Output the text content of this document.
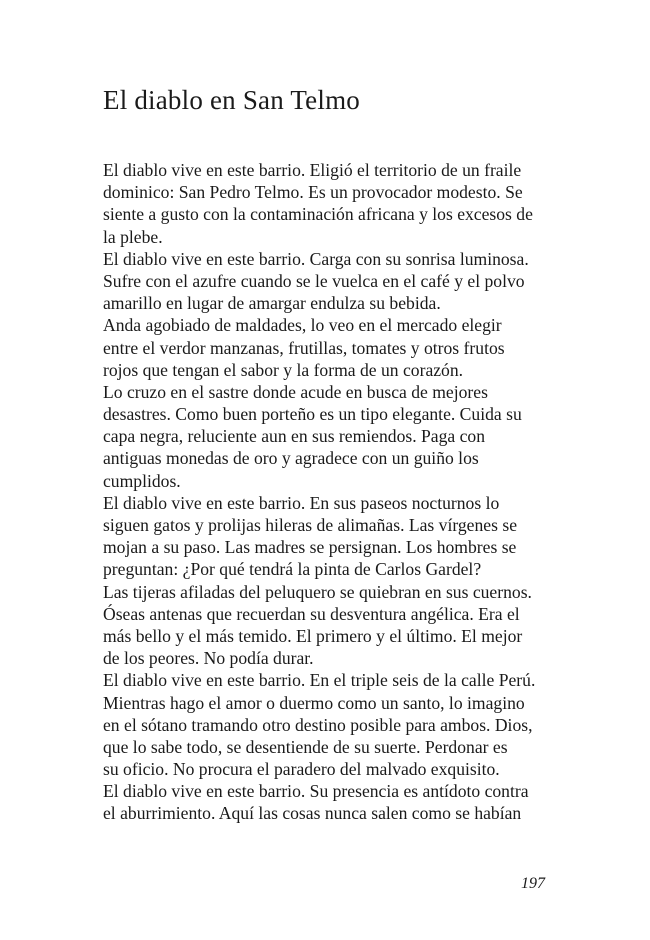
El diablo en San Telmo
El diablo vive en este barrio. Eligió el territorio de un fraile
dominico: San Pedro Telmo. Es un provocador modesto. Se
siente a gusto con la contaminación africana y los excesos de
la plebe.
El diablo vive en este barrio. Carga con su sonrisa luminosa.
Sufre con el azufre cuando se le vuelca en el café y el polvo
amarillo en lugar de amargar endulza su bebida.
Anda agobiado de maldades, lo veo en el mercado elegir
entre el verdor manzanas, frutillas, tomates y otros frutos
rojos que tengan el sabor y la forma de un corazón.
Lo cruzo en el sastre donde acude en busca de mejores
desastres. Como buen porteño es un tipo elegante. Cuida su
capa negra, reluciente aun en sus remiendos. Paga con
antiguas monedas de oro y agradece con un guiño los
cumplidos.
El diablo vive en este barrio. En sus paseos nocturnos lo
siguen gatos y prolijas hileras de alimañas. Las vírgenes se
mojan a su paso. Las madres se persignan. Los hombres se
preguntan: ¿Por qué tendrá la pinta de Carlos Gardel?
Las tijeras afiladas del peluquero se quiebran en sus cuernos.
Óseas antenas que recuerdan su desventura angélica. Era el
más bello y el más temido. El primero y el último. El mejor
de los peores. No podía durar.
El diablo vive en este barrio. En el triple seis de la calle Perú.
Mientras hago el amor o duermo como un santo, lo imagino
en el sótano tramando otro destino posible para ambos. Dios,
que lo sabe todo, se desentiende de su suerte. Perdonar es
su oficio. No procura el paradero del malvado exquisito.
El diablo vive en este barrio. Su presencia es antídoto contra
el aburrimiento. Aquí las cosas nunca salen como se habían
197
